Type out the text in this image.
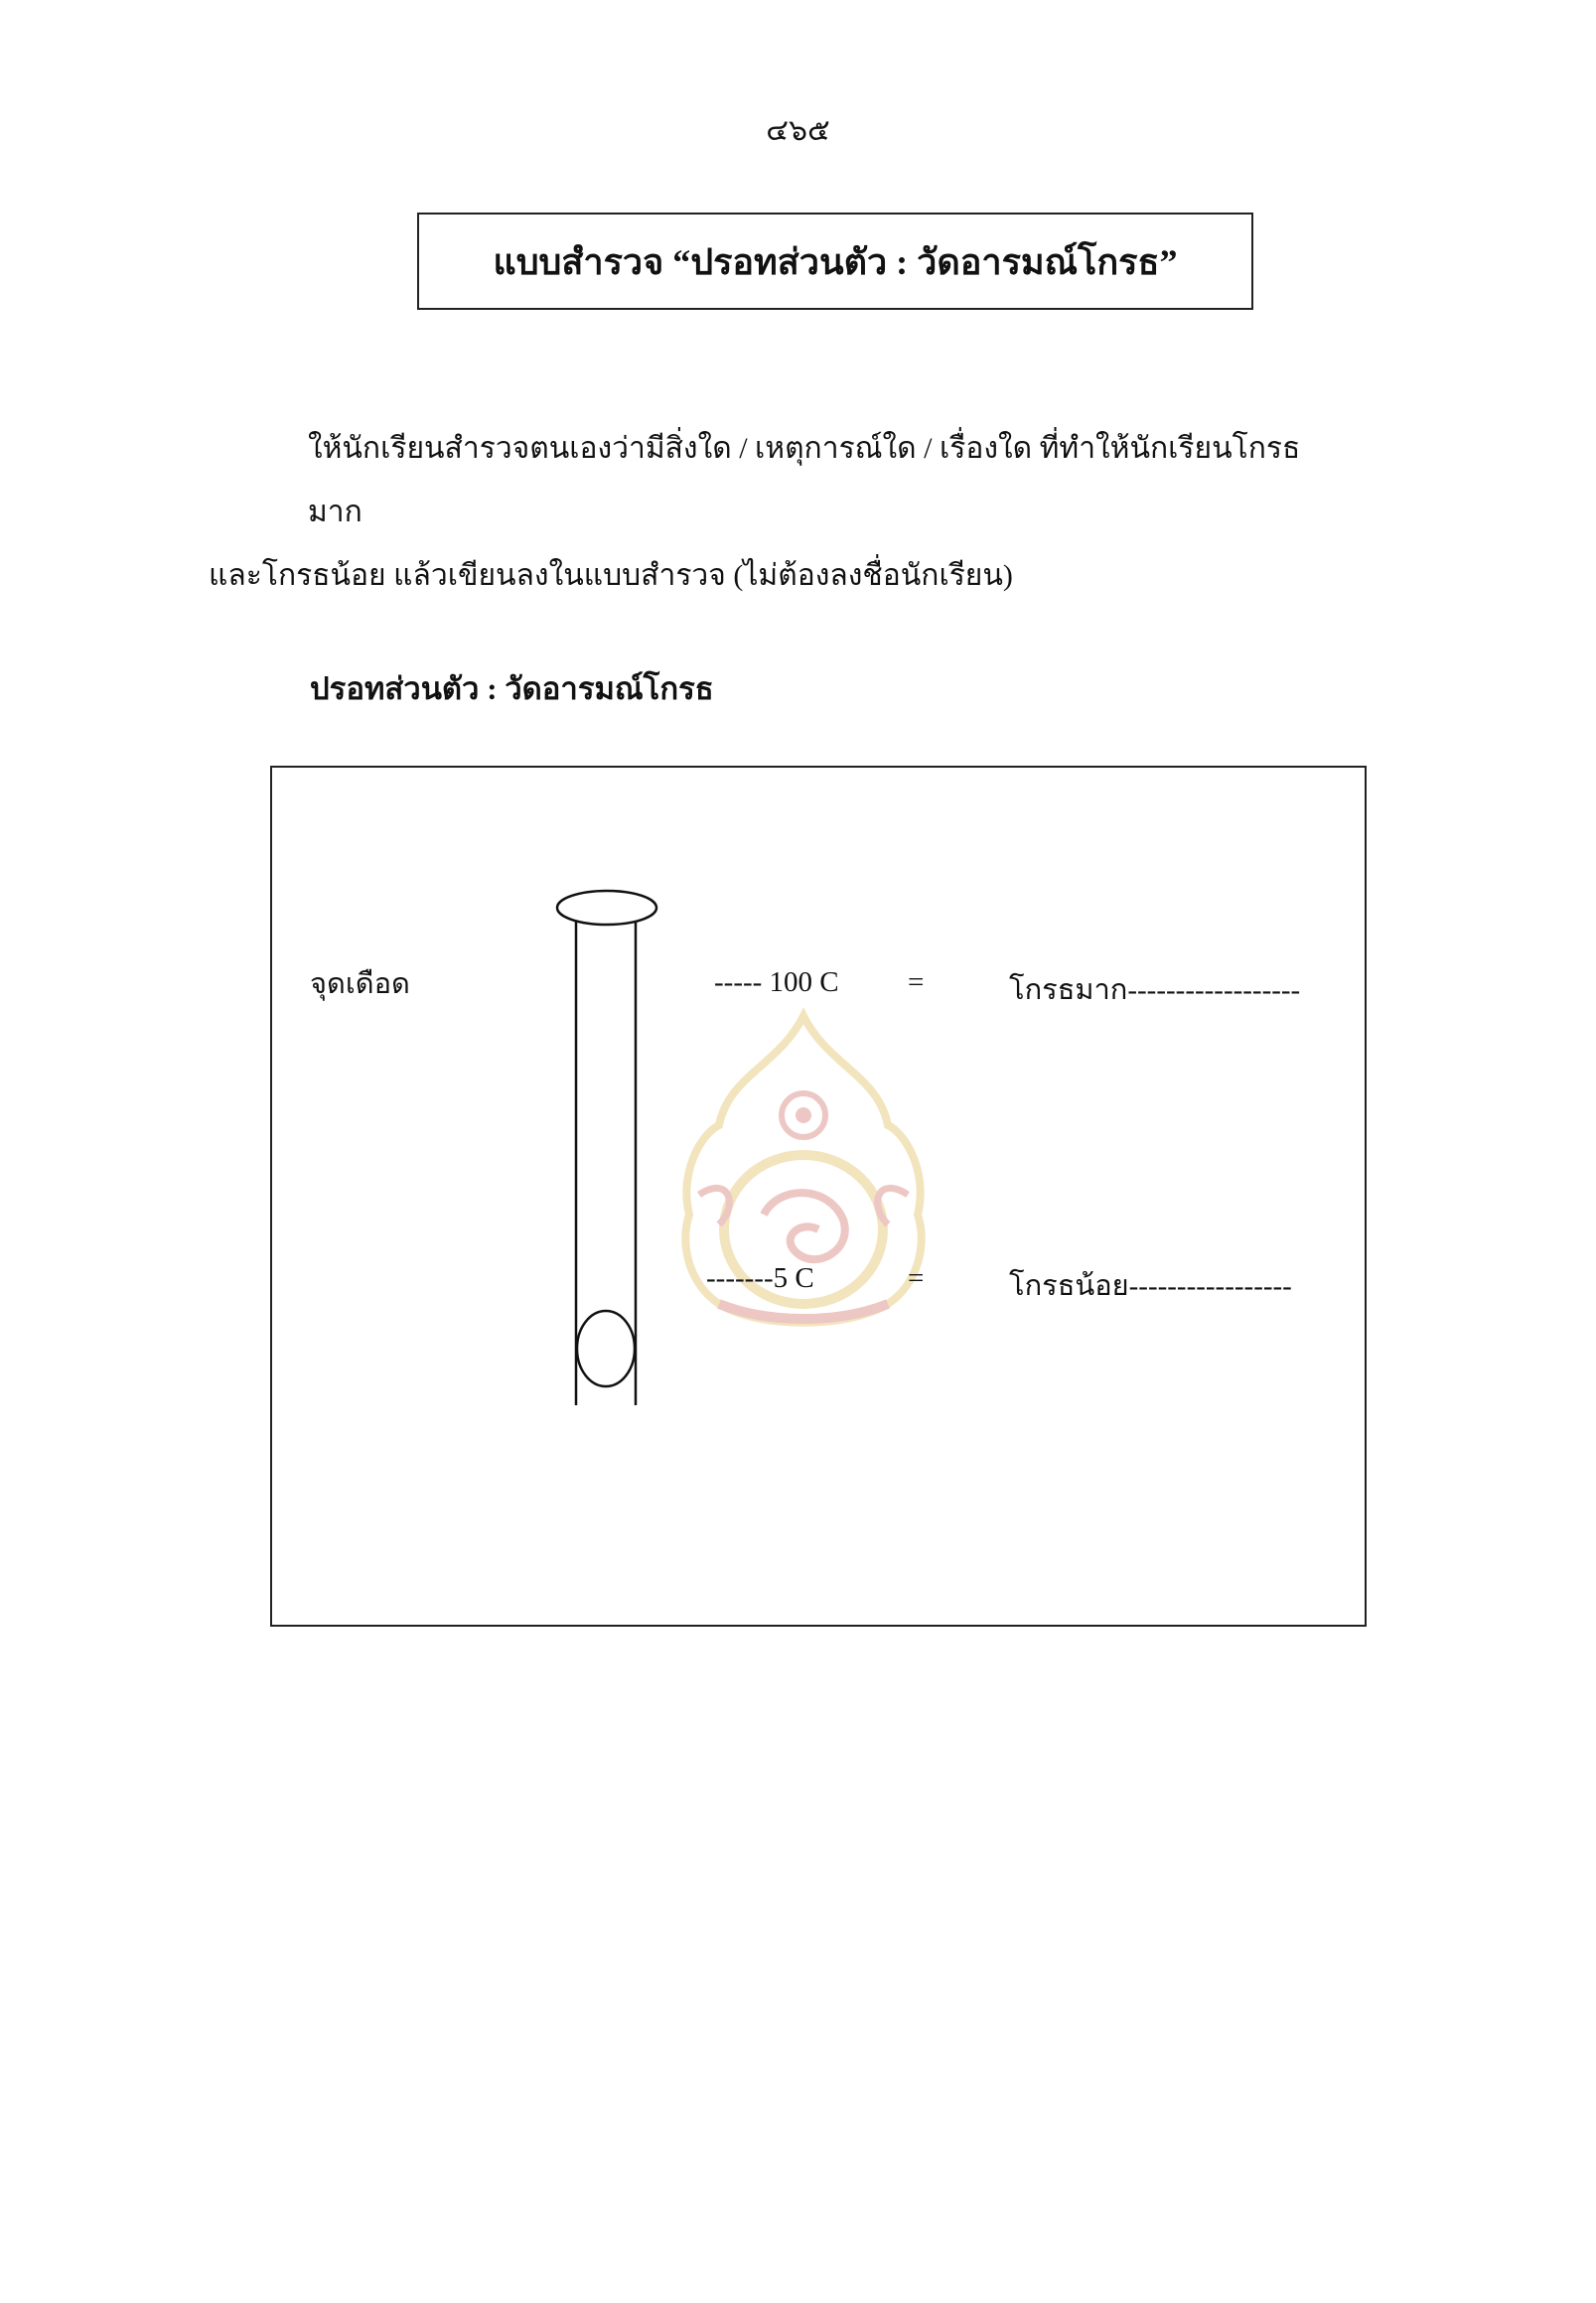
๔๖๕
แบบสำรวจ “ปรอทส่วนตัว : วัดอารมณ์โกรธ”
ให้นักเรียนสำรวจตนเองว่ามีสิ่งใด / เหตุการณ์ใด / เรื่องใด ที่ทำให้นักเรียนโกรธมาก
และโกรธน้อย แล้วเขียนลงในแบบสำรวจ (ไม่ต้องลงชื่อนักเรียน)
ปรอทส่วนตัว : วัดอารมณ์โกรธ
จุดเดือด	----- 100 C =	โกรธมาก------------------
-------5 C	=	โกรธน้อย-----------------
